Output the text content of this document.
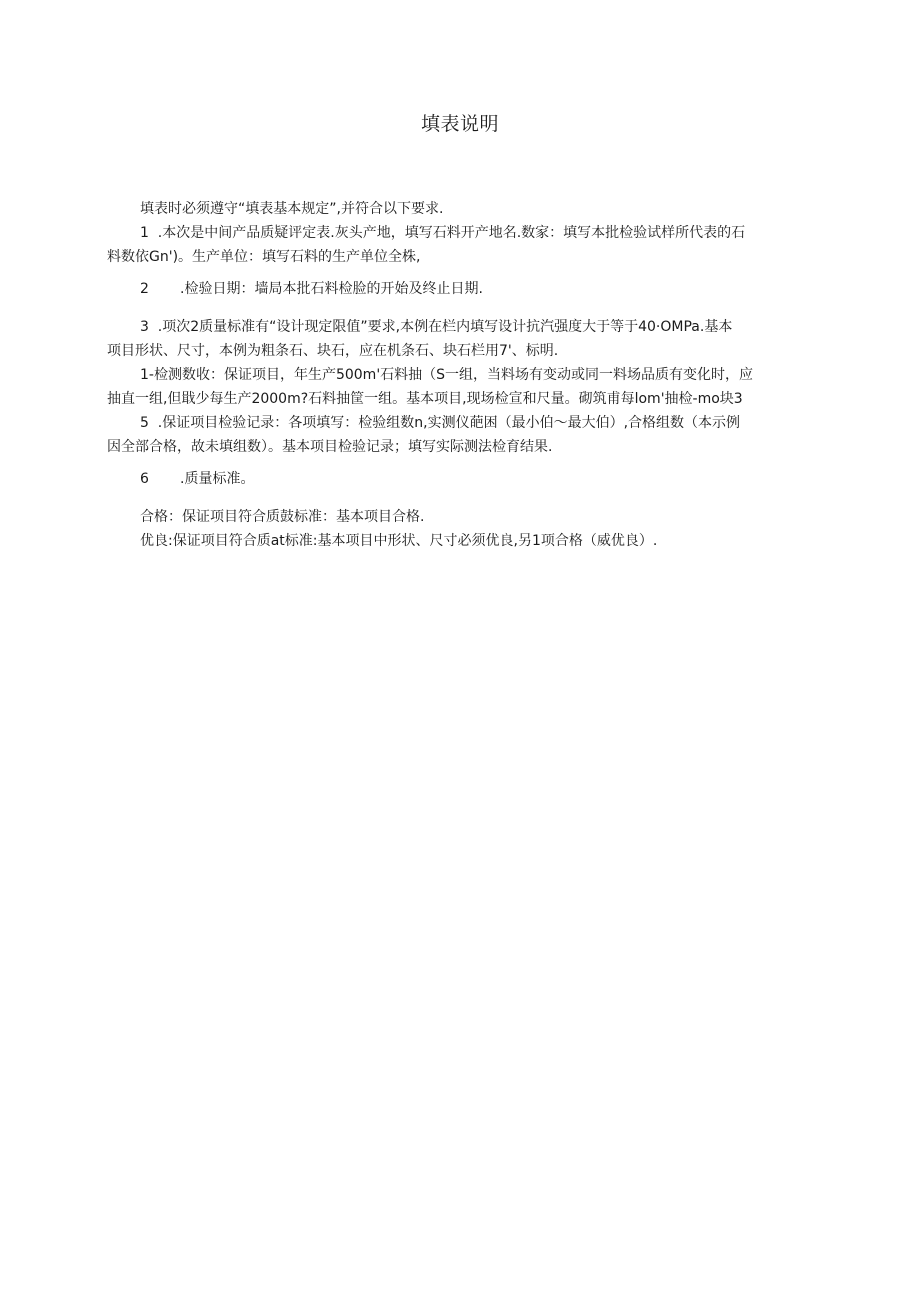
填表说明
填表时必须遵守“填表基本规定”,并符合以下要求.
1  .本次是中间产品质疑评定表.灰头产地，填写石料开产地名.数家：填写本批检验试样所代表的石
料数依Gn')。生产单位：填写石料的生产单位全株,
2       .检验日期：墙局本批石料检脸的开始及终止日期.
3  .项次2质量标准有“设计现定限值”要求,本例在栏内填写设计抗汽强度大于等于40·OMPa.基本
项目形状、尺寸，本例为粗条石、块石，应在机条石、块石栏用7'、标明.
1-检测数收：保证项目，年生产500m'石料抽（S一组，当料场有变动或同一料场品质有变化时，应
抽直一组,但戢少每生产2000m?石料抽筐一组。基本项目,现场检宣和尺量。砌筑甫每lom'抽检-mo块3
5  .保证项目检验记录：各项填写：检验组数n,实测仪葩困（最小伯〜最大伯）,合格组数（本示例
因全部合格，故未填组数）。基本项目检验记录；填写实际测法检育结果.
6       .质量标准。
合格：保证项目符合质鼓标准：基本项目合格.
优良:保证项目符合质at标准:基本项目中形状、尺寸必须优良,另1项合格（威优良）.
